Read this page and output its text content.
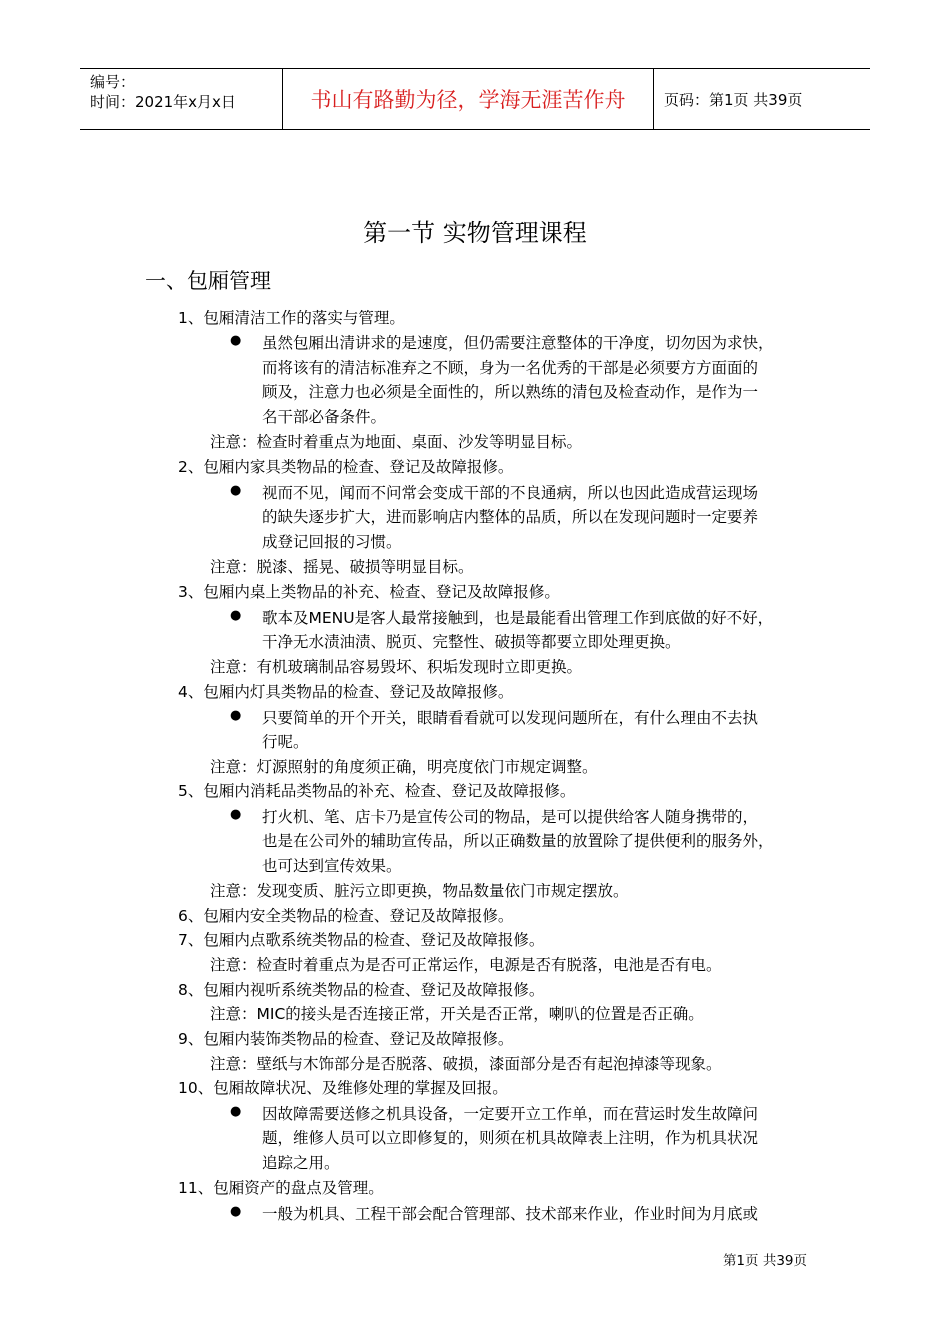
编号：
时间：2021年x月x日	书山有路勤为径，学海无涯苦作舟	页码：第1页 共39页
第一节 实物管理课程
一、包厢管理
1、包厢清洁工作的落实与管理。
● 虽然包厢出清讲求的是速度，但仍需要注意整体的干净度，切勿因为求快，
而将该有的清洁标准弃之不顾，身为一名优秀的干部是必须要方方面面的
顾及，注意力也必须是全面性的，所以熟练的清包及检查动作，是作为一
名干部必备条件。
注意：检查时着重点为地面、桌面、沙发等明显目标。
2、包厢内家具类物品的检查、登记及故障报修。
● 视而不见，闻而不问常会变成干部的不良通病，所以也因此造成营运现场
的缺失逐步扩大，进而影响店内整体的品质，所以在发现问题时一定要养
成登记回报的习惯。
注意：脱漆、摇晃、破损等明显目标。
3、包厢内桌上类物品的补充、检查、登记及故障报修。
● 歌本及MENU是客人最常接触到，也是最能看出管理工作到底做的好不好，
干净无水渍油渍、脱页、完整性、破损等都要立即处理更换。
注意：有机玻璃制品容易毁坏、积垢发现时立即更换。
4、包厢内灯具类物品的检查、登记及故障报修。
● 只要简单的开个开关，眼睛看看就可以发现问题所在，有什么理由不去执
行呢。
注意：灯源照射的角度须正确，明亮度依门市规定调整。
5、包厢内消耗品类物品的补充、检查、登记及故障报修。
● 打火机、笔、店卡乃是宣传公司的物品，是可以提供给客人随身携带的，
也是在公司外的辅助宣传品，所以正确数量的放置除了提供便利的服务外，
也可达到宣传效果。
注意：发现变质、脏污立即更换，物品数量依门市规定摆放。
6、包厢内安全类物品的检查、登记及故障报修。
7、包厢内点歌系统类物品的检查、登记及故障报修。
注意：检查时着重点为是否可正常运作，电源是否有脱落，电池是否有电。
8、包厢内视听系统类物品的检查、登记及故障报修。
注意：MIC的接头是否连接正常，开关是否正常，喇叭的位置是否正确。
9、包厢内装饰类物品的检查、登记及故障报修。
注意：壁纸与木饰部分是否脱落、破损，漆面部分是否有起泡掉漆等现象。
10、包厢故障状况、及维修处理的掌握及回报。
● 因故障需要送修之机具设备，一定要开立工作单，而在营运时发生故障问
题，维修人员可以立即修复的，则须在机具故障表上注明，作为机具状况
追踪之用。
11、包厢资产的盘点及管理。
● 一般为机具、工程干部会配合管理部、技术部来作业，作业时间为月底或
第1页 共39页
